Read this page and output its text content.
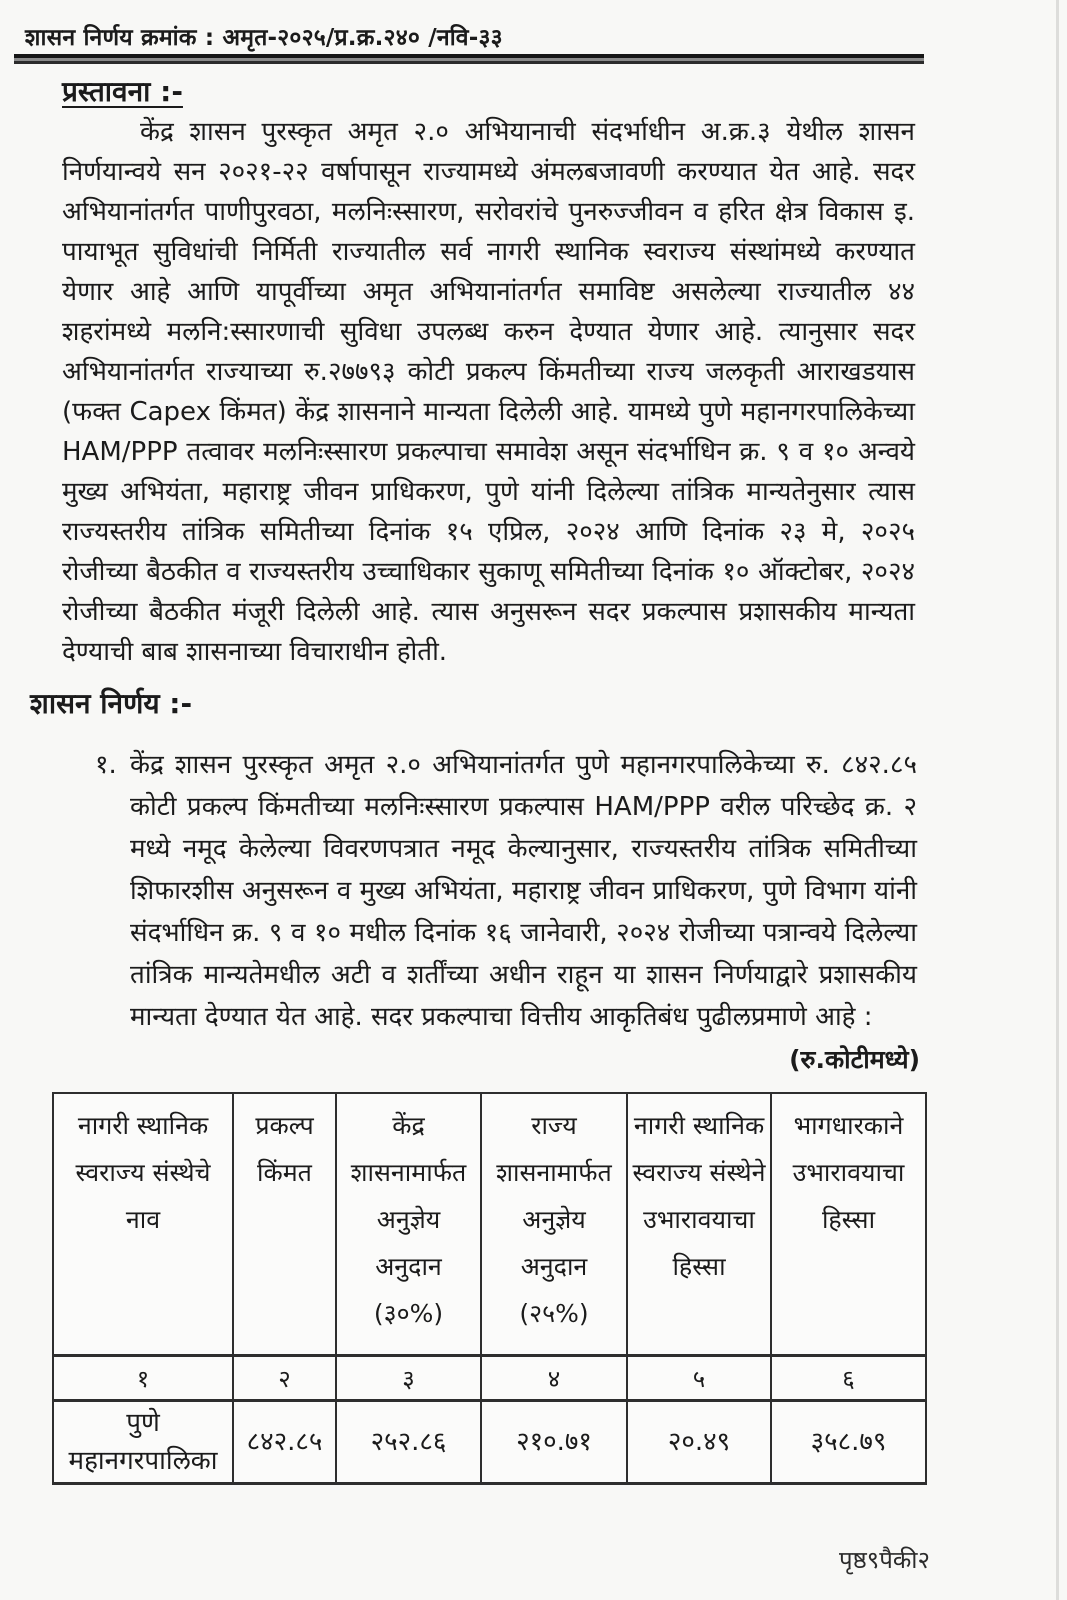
शासन निर्णय क्रमांक : अमृत-२०२५/प्र.क्र.२४० /नवि-३३
प्रस्तावना :-
केंद्र शासन पुरस्कृत अमृत २.० अभियानाची संदर्भाधीन अ.क्र.३ येथील शासन निर्णयान्वये सन २०२१-२२ वर्षापासून राज्यामध्ये अंमलबजावणी करण्यात येत आहे. सदर अभियानांतर्गत पाणीपुरवठा, मलनिःस्सारण, सरोवरांचे पुनरुज्जीवन व हरित क्षेत्र विकास इ. पायाभूत सुविधांची निर्मिती राज्यातील सर्व नागरी स्थानिक स्वराज्य संस्थांमध्ये करण्यात येणार आहे आणि यापूर्वीच्या अमृत अभियानांतर्गत समाविष्ट असलेल्या राज्यातील ४४ शहरांमध्ये मलनि:स्सारणाची सुविधा उपलब्ध करुन देण्यात येणार आहे. त्यानुसार सदर अभियानांतर्गत राज्याच्या रु.२७७९३ कोटी प्रकल्प किंमतीच्या राज्य जलकृती आराखडयास (फक्त Capex किंमत) केंद्र शासनाने मान्यता दिलेली आहे. यामध्ये पुणे महानगरपालिकेच्या HAM/PPP तत्वावर मलनिःस्सारण प्रकल्पाचा समावेश असून संदर्भाधिन क्र. ९ व १० अन्वये मुख्य अभियंता, महाराष्ट्र जीवन प्राधिकरण, पुणे यांनी दिलेल्या तांत्रिक मान्यतेनुसार त्यास राज्यस्तरीय तांत्रिक समितीच्या दिनांक १५ एप्रिल, २०२४ आणि दिनांक २३ मे, २०२५ रोजीच्या बैठकीत व राज्यस्तरीय उच्चाधिकार सुकाणू समितीच्या दिनांक १० ऑक्टोबर, २०२४ रोजीच्या बैठकीत मंजूरी दिलेली आहे. त्यास अनुसरून सदर प्रकल्पास प्रशासकीय मान्यता देण्याची बाब शासनाच्या विचाराधीन होती.
शासन निर्णय :-
१. केंद्र शासन पुरस्कृत अमृत २.० अभियानांतर्गत पुणे महानगरपालिकेच्या रु. ८४२.८५ कोटी प्रकल्प किंमतीच्या मलनिःस्सारण प्रकल्पास HAM/PPP वरील परिच्छेद क्र. २ मध्ये नमूद केलेल्या विवरणपत्रात नमूद केल्यानुसार, राज्यस्तरीय तांत्रिक समितीच्या शिफारशीस अनुसरून व मुख्य अभियंता, महाराष्ट्र जीवन प्राधिकरण, पुणे विभाग यांनी संदर्भाधिन क्र. ९ व १० मधील दिनांक १६ जानेवारी, २०२४ रोजीच्या पत्रान्वये दिलेल्या तांत्रिक मान्यतेमधील अटी व शर्तींच्या अधीन राहून या शासन निर्णयाद्वारे प्रशासकीय मान्यता देण्यात येत आहे. सदर प्रकल्पाचा वित्तीय आकृतिबंध पुढीलप्रमाणे आहे :
(रु.कोटीमध्ये)
नागरी स्थानिक स्वराज्य संस्थेचे नाव	प्रकल्प किंमत	केंद्र शासनामार्फत अनुज्ञेय अनुदान (३०%)	राज्य शासनामार्फत अनुज्ञेय अनुदान (२५%)	नागरी स्थानिक स्वराज्य संस्थेने उभारावयाचा हिस्सा	भागधारकाने उभारावयाचा हिस्सा
१	२	३	४	५	६
पुणे महानगरपालिका	८४२.८५	२५२.८६	२१०.७१	२०.४९	३५८.७९
पृष्ठ९पैकी२
